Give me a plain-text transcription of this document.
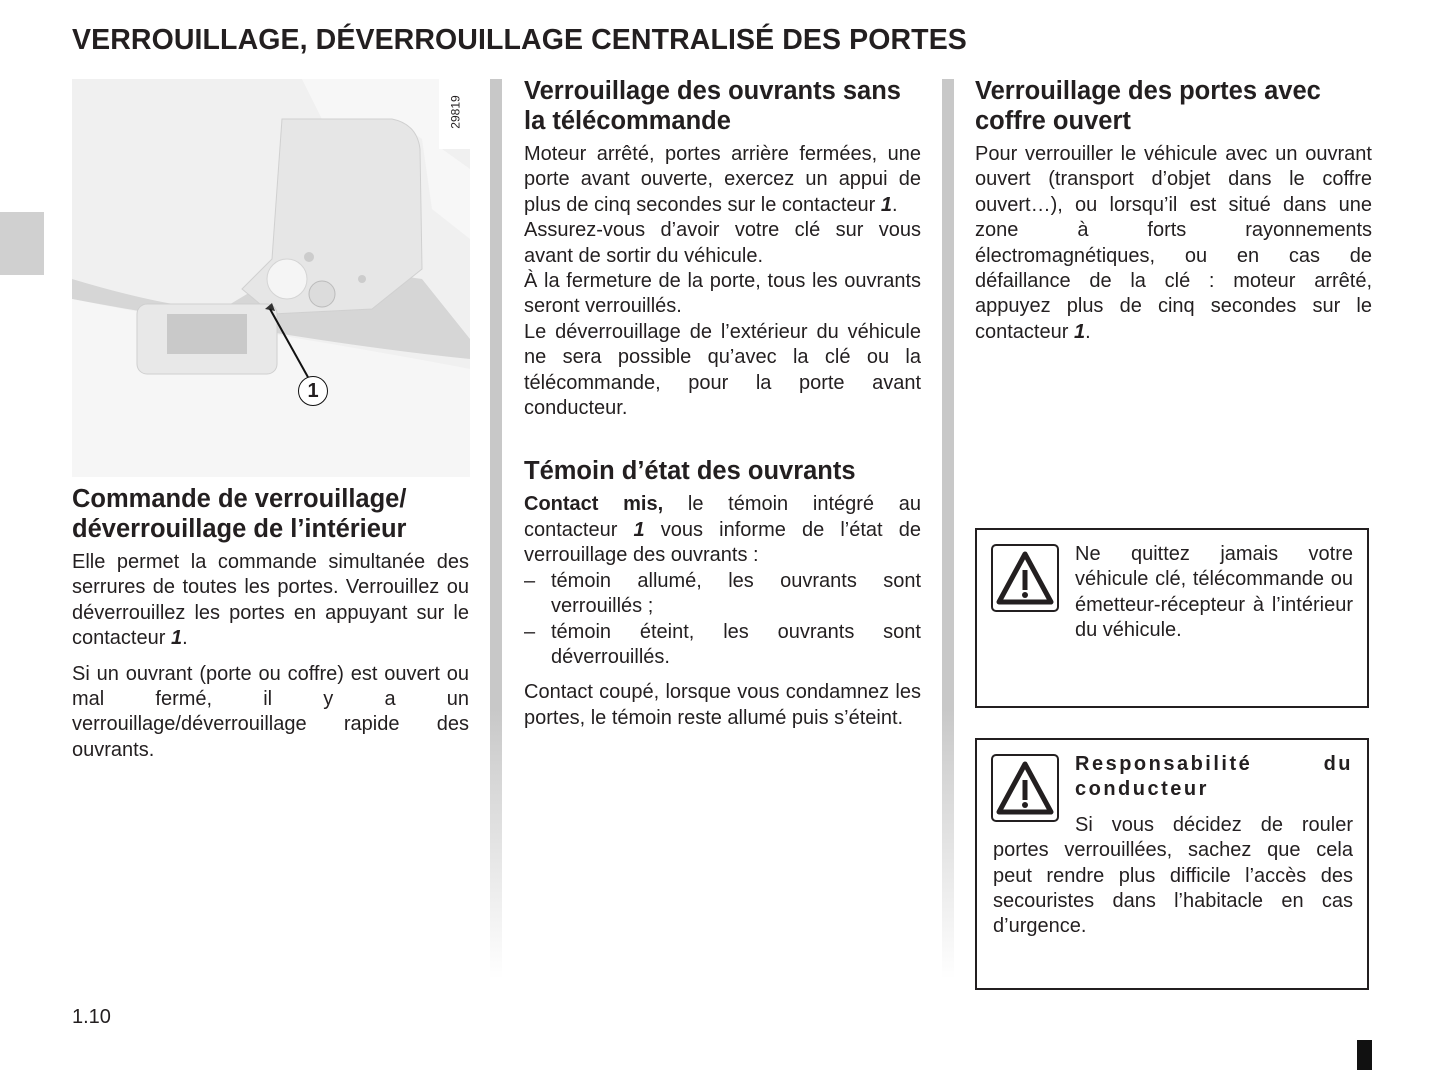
VERROUILLAGE, DÉVERROUILLAGE CENTRALISÉ DES PORTES
29819
1
Commande de verrouillage/ déverrouillage de l’intérieur

Elle permet la commande simultanée des serrures de toutes les portes. Verrouillez ou déverrouillez les portes en appuyant sur le contacteur 1.

Si un ouvrant (porte ou coffre) est ouvert ou mal fermé, il y a un verrouillage/déverrouillage rapide des ouvrants.

Verrouillage des ouvrants sans la télécommande

Moteur arrêté, portes arrière fermées, une porte avant ouverte, exercez un appui de plus de cinq secondes sur le contacteur 1.

Assurez-vous d’avoir votre clé sur vous avant de sortir du véhicule.

À la fermeture de la porte, tous les ouvrants seront verrouillés.

Le déverrouillage de l’extérieur du véhicule ne sera possible qu’avec la clé ou la télécommande, pour la porte avant conducteur.

Témoin d’état des ouvrants

Contact mis, le témoin intégré au contacteur 1 vous informe de l’état de verrouillage des ouvrants :

– témoin allumé, les ouvrants sont verrouillés ;
– témoin éteint, les ouvrants sont déverrouillés.

Contact coupé, lorsque vous condamnez les portes, le témoin reste allumé puis s’éteint.

Verrouillage des portes avec coffre ouvert

Pour verrouiller le véhicule avec un ouvrant ouvert (transport d’objet dans le coffre ouvert…), ou lorsqu’il est situé dans une zone à forts rayonnements électromagnétiques, ou en cas de défaillance de la clé : moteur arrêté, appuyez plus de cinq secondes sur le contacteur 1.

Ne quittez jamais votre véhicule clé, télécommande ou émetteur-récepteur à l’intérieur du véhicule.

Responsabilité du conducteur

Si vous décidez de rouler portes verrouillées, sachez que cela peut rendre plus difficile l’accès des secouristes dans l’habitacle en cas d’urgence.

1.10
